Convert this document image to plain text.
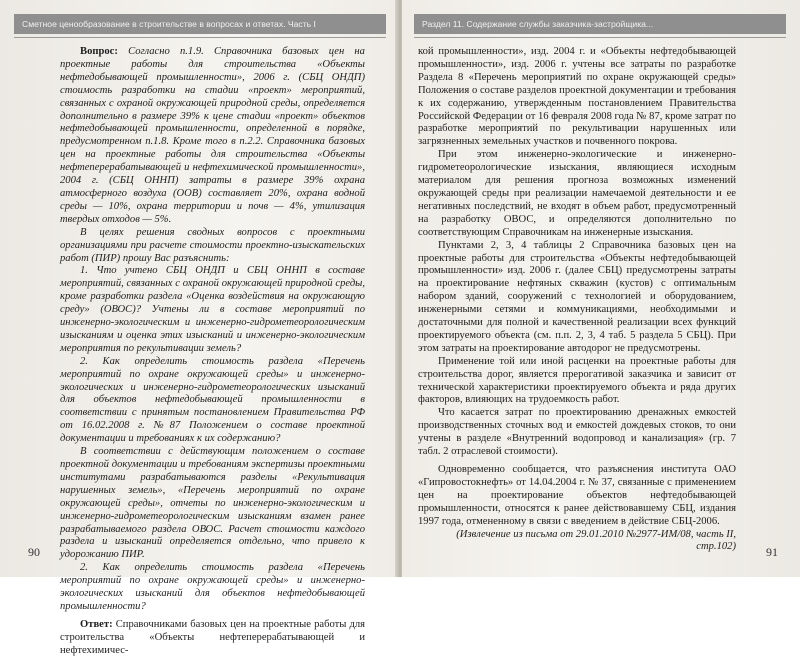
Сметное ценообразование в строительстве в вопросах и ответах. Часть I

Вопрос: Согласно п.1.9. Справочника базовых цен на проектные работы для строительства «Объекты нефтедобывающей промышленности», 2006 г. (СБЦ ОНДП) стоимость разработки на стадии «проект» мероприятий, связанных с охраной окружающей природной среды, определяется дополнительно в размере 39% к цене стадии «проект» объектов нефтедобывающей промышленности, определенной в порядке, предусмотренном п.1.8. Кроме того в п.2.2. Справочника базовых цен на проектные работы для строительства «Объекты нефтеперерабатывающей и нефтехимической промышленности», 2004 г. (СБЦ ОННП) затраты в размере 39% охрана атмосферного воздуха (ООВ) составляет 20%, охрана водной среды — 10%, охрана территории и почв — 4%, утилизация твердых отходов — 5%.

В целях решения сводных вопросов с проектными организациями при расчете стоимости проектно-изыскательских работ (ПИР) прошу Вас разъяснить:

1. Что учтено СБЦ ОНДП и СБЦ ОННП в составе мероприятий, связанных с охраной окружающей природной среды, кроме разработки раздела «Оценка воздействия на окружающую среду» (ОВОС)? Учтены ли в составе мероприятий по инженерно-экологическим и инженерно-гидрометеорологическим изысканиям и оценка этих изысканий и инженерно-экологическим мероприятия по рекультивации земель?

2. Как определить стоимость раздела «Перечень мероприятий по охране окружающей среды» и инженерно-экологических и инженерно-гидрометеорологических изысканий для объектов нефтедобывающей промышленности в соответствии с принятым постановлением Правительства РФ от 16.02.2008 г. №87 Положением о составе проектной документации и требованиях к их содержанию?

В соответствии с действующим положением о составе проектной документации и требованиям экспертизы проектными институтами разрабатываются разделы «Рекультивация нарушенных земель», «Перечень мероприятий по охране окружающей среды», отчеты по инженерно-экологическим и инженерно-гидрометеорологическим изысканиям взамен ранее разрабатываемого раздела ОВОС. Расчет стоимости каждого раздела и изысканий определяется отдельно, что привело к удорожанию ПИР.

2. Как определить стоимость раздела «Перечень мероприятий по охране окружающей среды» и инженерно-экологических изысканий для объектов нефтедобывающей промышленности?

Ответ: Справочниками базовых цен на проектные работы для строительства «Объекты нефтеперерабатывающей и нефтехимичес-

90
Раздел 11. Содержание службы заказчика-застройщика...

кой промышленности», изд. 2004 г. и «Объекты нефтедобывающей промышленности», изд. 2006 г. учтены все затраты по разработке Раздела 8 «Перечень мероприятий по охране окружающей среды» Положения о составе разделов проектной документации и требования к их содержанию, утвержденным постановлением Правительства Российской Федерации от 16 февраля 2008 года № 87, кроме затрат по разработке мероприятий по рекультивации нарушенных или загрязненных земельных участков и почвенного покрова.

При этом инженерно-экологические и инженерно-гидрометеорологические изыскания, являющиеся исходным материалом для решения прогноза возможных изменений окружающей среды при реализации намечаемой деятельности и ее негативных последствий, не входят в объем работ, предусмотренный на разработку ОВОС, и определяются дополнительно по соответствующим Справочникам на инженерные изыскания.

Пунктами 2, 3, 4 таблицы 2 Справочника базовых цен на проектные работы для строительства «Объекты нефтедобывающей промышленности» изд. 2006 г. (далее СБЦ) предусмотрены затраты на проектирование нефтяных скважин (кустов) с оптимальным набором зданий, сооружений с технологией и оборудованием, инженерными сетями и коммуникациями, необходимыми и достаточными для полной и качественной реализации всех функций проектируемого объекта (см. п.п. 2, 3, 4 таб. 5 раздела 5 СБЦ). При этом затраты на проектирование автодорог не предусмотрены.

Применение той или иной расценки на проектные работы для строительства дорог, является прерогативой заказчика и зависит от технической характеристики проектируемого объекта и ряда других факторов, влияющих на трудоемкость работ.

Что касается затрат по проектированию дренажных емкостей производственных сточных вод и емкостей дождевых стоков, то они учтены в разделе «Внутренний водопровод и канализация» (гр. 7 табл. 2 отраслевой стоимости).

Одновременно сообщается, что разъяснения института ОАО «Гипровостокнефть» от 14.04.2004 г. № 37, связанные с применением цен на проектирование объектов нефтедобывающей промышленности, относятся к ранее действовавшему СБЦ, издания 1997 года, отмененному в связи с введением в действие СБЦ-2006.

(Извлечение из письма от 29.01.2010 №2977-ИМ/08, часть II, стр.102)	91
